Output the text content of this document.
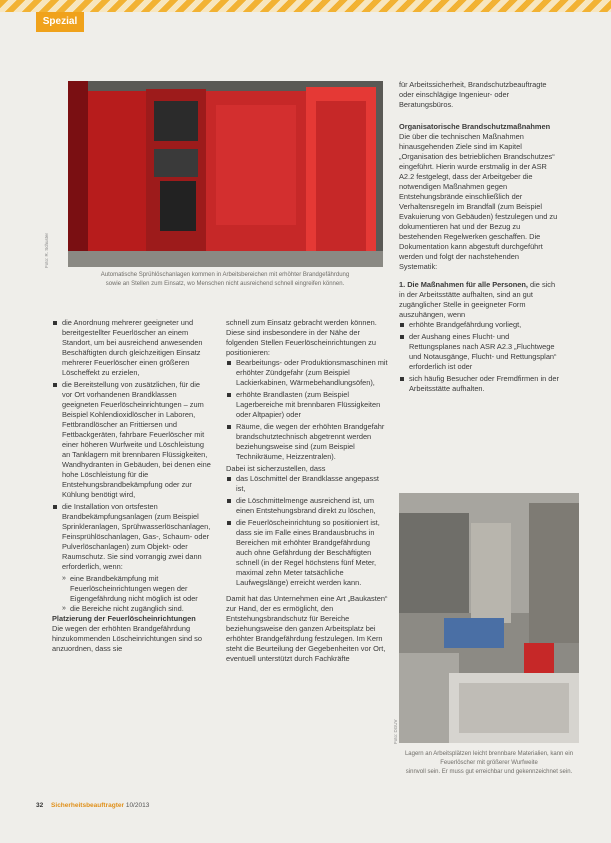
Spezial
Foto: R. Schuster
Automatische Sprühlöschanlagen kommen in Arbeitsbereichen mit erhöhter Brandgefährdung
sowie an Stellen zum Einsatz, wo Menschen nicht ausreichend schnell eingreifen können.
die Anordnung mehrerer geeigneter und bereitgestellter Feuerlöscher an einem Standort, um bei ausreichend anwesenden Beschäftigten durch gleichzeitigen Einsatz mehrerer Feuerlöscher einen größeren Löscheffekt zu erzielen,
die Bereitstellung von zusätzlichen, für die vor Ort vorhandenen Brandklassen geeigneten Feuerlöscheinrichtungen – zum Beispiel Kohlendioxidlöscher in Laboren, Fettbrandlöscher an Frittiersen und Fettbackgeräten, fahrbare Feuerlöscher mit einer höheren Wurfweite und Löschleistung an Tanklagern mit brennbaren Flüssigkeiten, Wandhydranten in Gebäuden, bei denen eine hohe Löschleistung für die Entstehungsbrandbekämpfung oder zur Kühlung benötigt wird,
die Installation von ortsfesten Brandbekämpfungsanlagen (zum Beispiel Sprinkleranlagen, Sprühwasserlöschanlagen, Feinsprühlöschanlagen, Gas-, Schaum- oder Pulverlöschanlagen) zum Objekt- oder Raumschutz. Sie sind vorrangig zwei dann erforderlich, wenn:
» eine Brandbekämpfung mit Feuerlöscheinrichtungen wegen der Eigengefährdung nicht möglich ist oder
» die Bereiche nicht zugänglich sind.

Platzierung der Feuerlöscheinrichtungen

Die wegen der erhöhten Brandgefährdung hinzukommenden Löscheinrichtungen sind so anzuordnen, dass sie

schnell zum Einsatz gebracht werden können. Diese sind insbesondere in der Nähe der folgenden Stellen Feuerlöscheinrichtungen zu positionieren:

Bearbeitungs- oder Produktionsmaschinen mit erhöhter Zündgefahr (zum Beispiel Lackierkabinen, Wärmebehandlungsöfen),
erhöhte Brandlasten (zum Beispiel Lagerbereiche mit brennbaren Flüssigkeiten oder Altpapier) oder
Räume, die wegen der erhöhten Brandgefahr brandschutztechnisch abgetrennt werden beziehungsweise sind (zum Beispiel Technikräume, Heizzentralen).

Dabei ist sicherzustellen, dass

das Löschmittel der Brandklasse angepasst ist,
die Löschmittelmenge ausreichend ist, um einen Entstehungsbrand direkt zu löschen,
die Feuerlöscheinrichtung so positioniert ist, dass sie im Falle eines Brandausbruchs in Bereichen mit erhöhter Brandgefährdung auch ohne Gefährdung der Beschäftigten schnell (in der Regel höchstens fünf Meter, maximal zehn Meter tatsächliche Laufwegslänge) erreicht werden kann.

Damit hat das Unternehmen eine Art „Baukasten“ zur Hand, der es ermöglicht, den Entstehungsbrandschutz für Bereiche beziehungsweise den ganzen Arbeitsplatz bei erhöhter Brandgefährdung festzulegen. Im Kern steht die Beurteilung der Gegebenheiten vor Ort, eventuell unterstützt durch Fachkräfte

für Arbeitssicherheit, Brandschutzbeauftragte oder einschlägige Ingenieur- oder Beratungsbüros.

Organisatorische Brandschutzmaßnahmen

Die über die technischen Maßnahmen hinausgehenden Ziele sind im Kapitel „Organisation des betrieblichen Brandschutzes“ eingeführt. Hierin wurde erstmalig in der ASR A2.2 festgelegt, dass der Arbeitgeber die notwendigen Maßnahmen gegen Entstehungsbrände einschließlich der Verhaltensregeln im Brandfall (zum Beispiel Evakuierung von Gebäuden) festzulegen und zu dokumentieren hat und der Bezug zu bestehenden Regelwerken geschaffen. Die Dokumentation kann abgestuft durchgeführt werden und folgt der nachstehenden Systematik:

1. Die Maßnahmen für alle Personen, die sich in der Arbeitsstätte aufhalten, sind an gut zugänglicher Stelle in geeigneter Form auszuhängen, wenn

erhöhte Brandgefährdung vorliegt,
der Aushang eines Flucht- und Rettungsplanes nach ASR A2.3 „Fluchtwege und Notausgänge, Flucht- und Rettungsplan“ erforderlich ist oder
sich häufig Besucher oder Fremdfirmen in der Arbeitsstätte aufhalten.
Foto: DGUV
Lagern an Arbeitsplätzen leicht brennbare Materialien, kann ein Feuerlöscher mit größerer Wurfweite
sinnvoll sein. Er muss gut erreichbar und gekennzeichnet sein.
32 Sicherheitsbeauftragter 10/2013
